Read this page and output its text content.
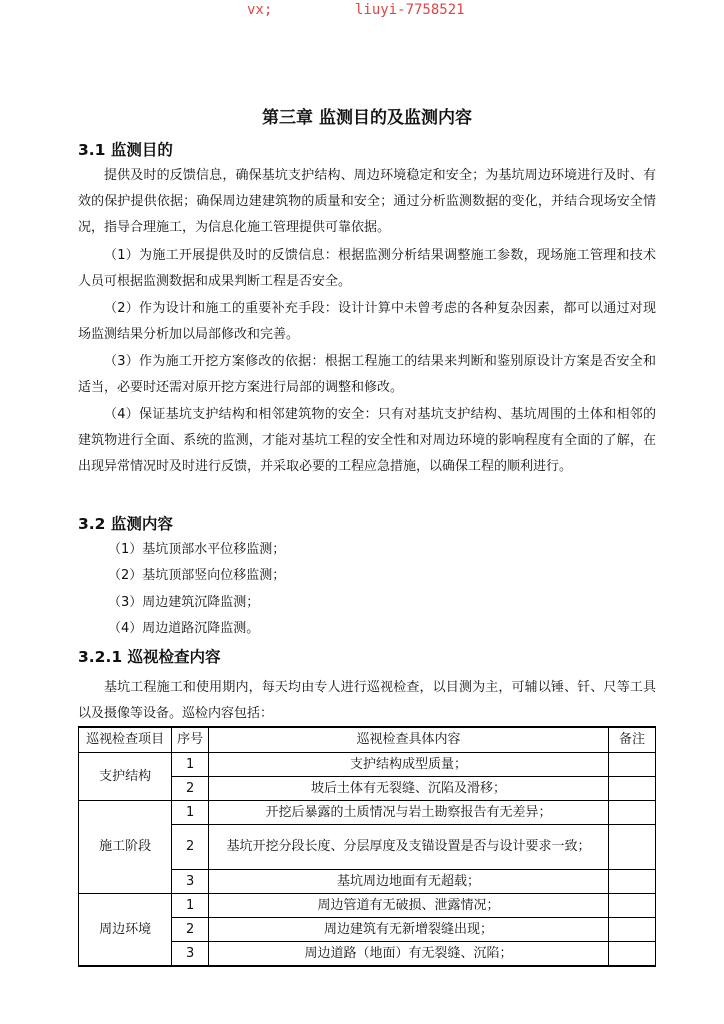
vx;	liuyi-7758521
第三章 监测目的及监测内容
3.1 监测目的
提供及时的反馈信息，确保基坑支护结构、周边环境稳定和安全；为基坑周边环境进行及时、有效的保护提供依据；确保周边建建筑物的质量和安全；通过分析监测数据的变化，并结合现场安全情况，指导合理施工，为信息化施工管理提供可靠依据。
（1）为施工开展提供及时的反馈信息：根据监测分析结果调整施工参数，现场施工管理和技术人员可根据监测数据和成果判断工程是否安全。
（2）作为设计和施工的重要补充手段：设计计算中未曾考虑的各种复杂因素，都可以通过对现场监测结果分析加以局部修改和完善。
（3）作为施工开挖方案修改的依据：根据工程施工的结果来判断和鉴别原设计方案是否安全和适当，必要时还需对原开挖方案进行局部的调整和修改。
（4）保证基坑支护结构和相邻建筑物的安全：只有对基坑支护结构、基坑周围的土体和相邻的建筑物进行全面、系统的监测，才能对基坑工程的安全性和对周边环境的影响程度有全面的了解，在出现异常情况时及时进行反馈，并采取必要的工程应急措施，以确保工程的顺利进行。
3.2 监测内容
（1）基坑顶部水平位移监测；
（2）基坑顶部竖向位移监测；
（3）周边建筑沉降监测；
（4）周边道路沉降监测。
3.2.1 巡视检查内容
基坑工程施工和使用期内，每天均由专人进行巡视检查，以目测为主，可辅以锤、钎、尺等工具以及摄像等设备。巡检内容包括：
巡视检查项目	序号	巡视检查具体内容	备注
支护结构	1	支护结构成型质量；	
	2	坡后土体有无裂缝、沉陷及滑移；	
施工阶段	1	开挖后暴露的土质情况与岩土勘察报告有无差异；	
	2	基坑开挖分段长度、分层厚度及支锚设置是否与设计要求一致；	
	3	基坑周边地面有无超载；	
周边环境	1	周边管道有无破损、泄露情况；	
	2	周边建筑有无新增裂缝出现；	
	3	周边道路（地面）有无裂缝、沉陷；	
